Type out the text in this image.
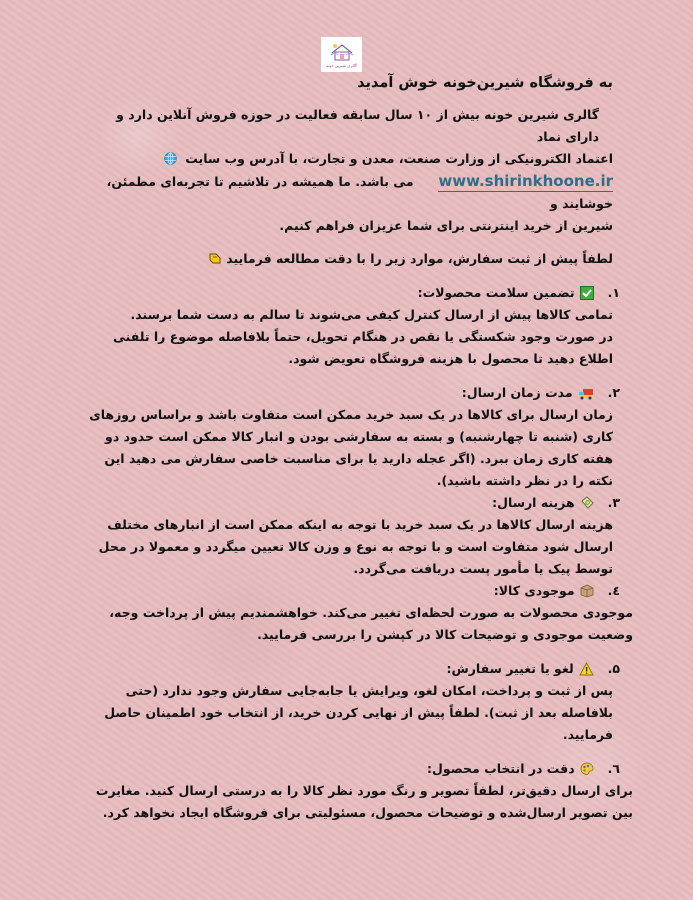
گالری شیرین خونه
به فروشگاه شیرین‌خونه خوش آمدید
گالری شیرین خونه بیش از ۱۰ سال سابقه فعالیت در حوزه فروش آنلاین دارد و دارای نماد
اعتماد الکترونیکی از وزارت صنعت، معدن و تجارت، با آدرس وب سایت
www.shirinkhoone.ir  می باشد. ما همیشه در تلاشیم تا تجربه‌ای مطمئن، خوشایند و
شیرین از خرید اینترنتی برای شما عزیزان فراهم کنیم.
لطفاً پیش از ثبت سفارش، موارد زیر را با دقت مطالعه فرمایید
۱.
تضمین سلامت محصولات:
تمامی کالاها پیش از ارسال کنترل کیفی می‌شوند تا سالم به دست شما برسند.
در صورت وجود شکستگی یا نقص در هنگام تحویل، حتماً بلافاصله موضوع را تلفنی اطلاع دهید تا محصول با هزینه فروشگاه تعویض شود.
۲.
مدت زمان ارسال:
زمان ارسال برای کالاها در یک سبد خرید ممکن است متفاوت باشد و براساس روزهای کاری (شنبه تا چهارشنبه) و بسته به سفارشی بودن و انبار کالا ممکن است حدود دو هفته کاری زمان ببرد. (اگر عجله دارید یا برای مناسبت خاصی سفارش می دهید این نکته را در نظر داشته باشید).
۳.
هزینه ارسال:
هزینه ارسال کالاها در یک سبد خرید با توجه به اینکه ممکن است از انبارهای مختلف ارسال شود متفاوت است و با توجه به نوع و وزن کالا تعیین میگردد و معمولا در محل توسط پیک یا مأمور پست دریافت می‌گردد.
٤.
موجودی کالا:
موجودی محصولات به صورت لحظه‌ای تغییر می‌کند. خواهشمندیم پیش از پرداخت وجه، وضعیت موجودی و توضیحات کالا در کپشن را بررسی فرمایید.
۵.
لغو یا تغییر سفارش:
پس از ثبت و پرداخت، امکان لغو، ویرایش یا جابه‌جایی سفارش وجود ندارد (حتی بلافاصله بعد از ثبت). لطفاً پیش از نهایی کردن خرید، از انتخاب خود اطمینان حاصل فرمایید.
٦.
دقت در انتخاب محصول:
برای ارسال دقیق‌تر، لطفاً تصویر و رنگ مورد نظر کالا را به درستی ارسال کنید. مغایرت بین تصویر ارسال‌شده و توضیحات محصول، مسئولیتی برای فروشگاه ایجاد نخواهد کرد.
